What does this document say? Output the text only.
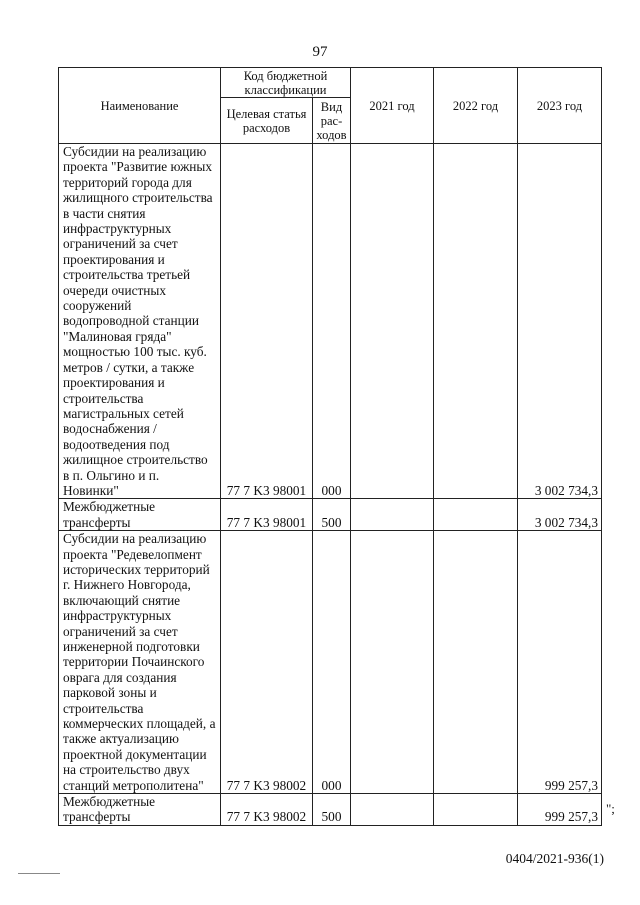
97
Наименование	Код бюджетной классификации		2021 год	2022 год	2023 год
	Целевая статья расходов	Вид рас-ходов			
Субсидии на реализацию проекта "Развитие южных территорий города для жилищного строительства в части снятия инфраструктурных ограничений за счет проектирования и строительства третьей очереди очистных сооружений водопроводной станции "Малиновая гряда" мощностью 100 тыс. куб. метров / сутки, а также проектирования и строительства магистральных сетей водоснабжения / водоотведения под жилищное строительство в п. Ольгино и п. Новинки"	77 7 K3 98001	000			3 002 734,3
Межбюджетные трансферты	77 7 K3 98001	500			3 002 734,3
Субсидии на реализацию проекта "Редевелопмент исторических территорий г. Нижнего Новгорода, включающий снятие инфраструктурных ограничений за счет инженерной подготовки территории Почаинского оврага для создания парковой зоны и строительства коммерческих площадей, а также актуализацию проектной документации на строительство двух станций метрополитена"	77 7 K3 98002	000			999 257,3
Межбюджетные трансферты	77 7 K3 98002	500			999 257,3
";
0404/2021-936(1)
